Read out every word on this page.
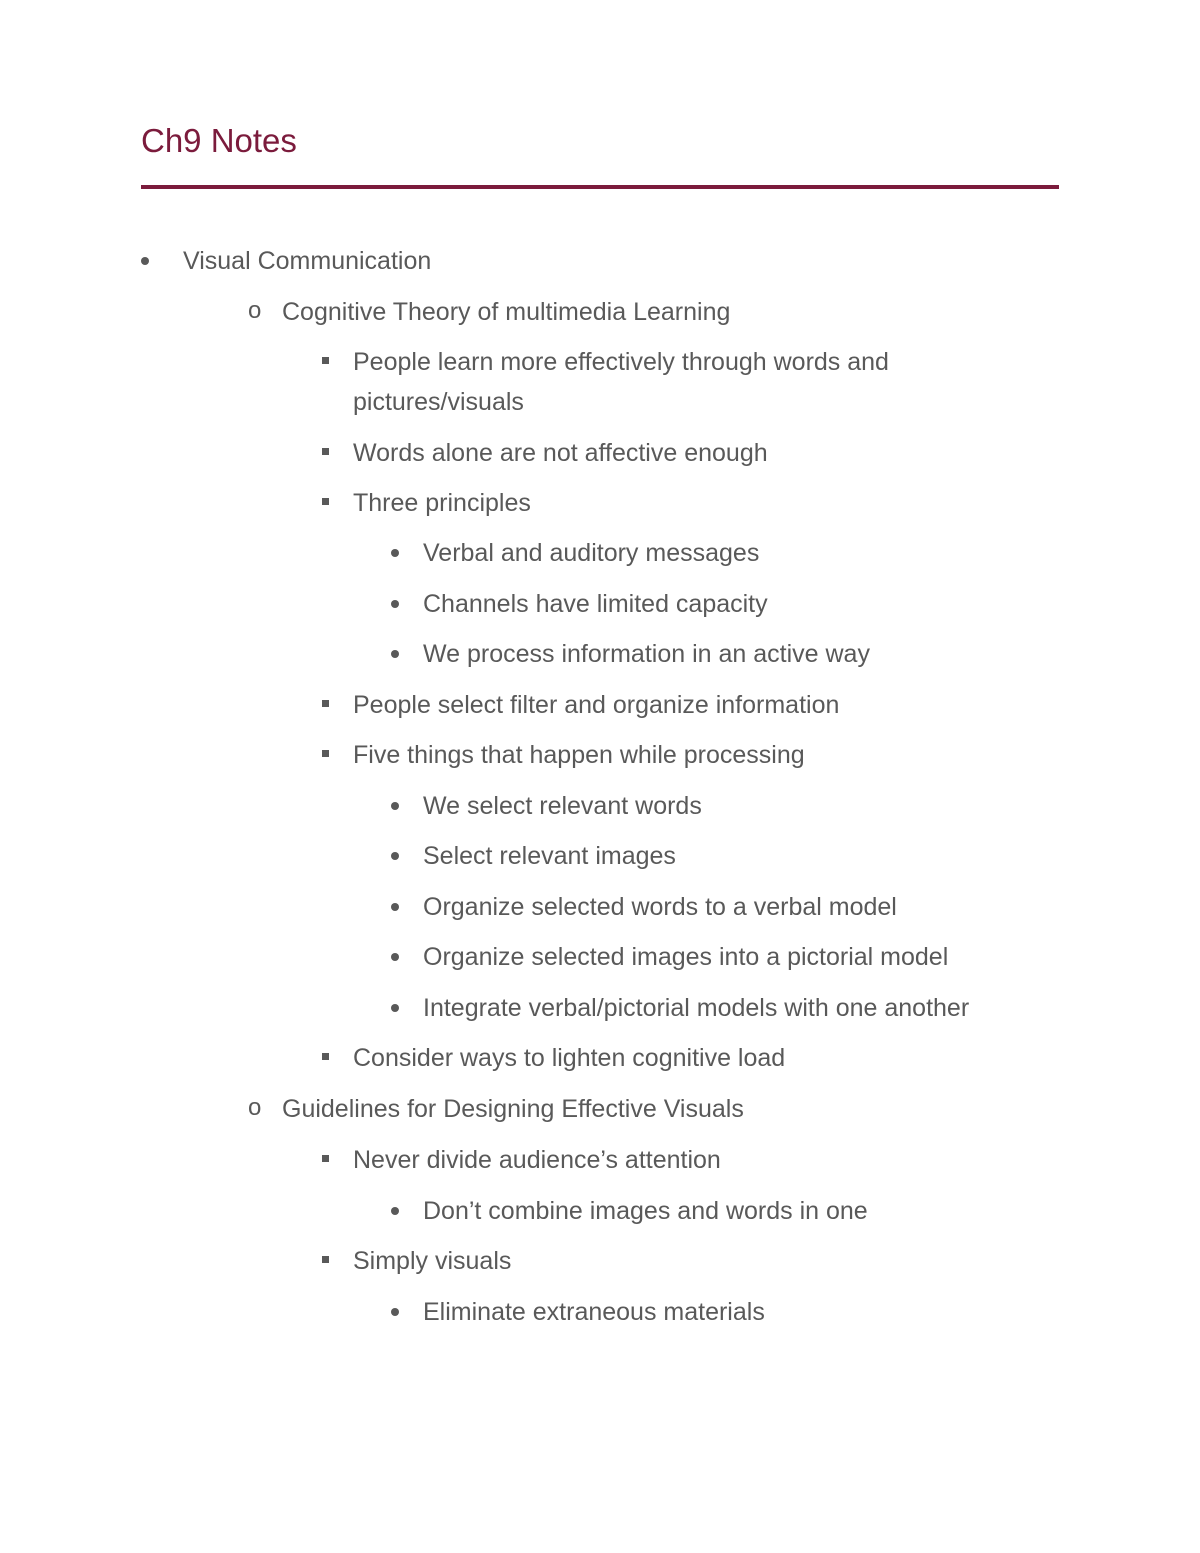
Ch9 Notes
Visual Communication
o Cognitive Theory of multimedia Learning
People learn more effectively through words and
pictures/visuals
Words alone are not affective enough
Three principles
Verbal and auditory messages
Channels have limited capacity
We process information in an active way
People select filter and organize information
Five things that happen while processing
We select relevant words
Select relevant images
Organize selected words to a verbal model
Organize selected images into a pictorial model
Integrate verbal/pictorial models with one another
Consider ways to lighten cognitive load
o Guidelines for Designing Effective Visuals
Never divide audience’s attention
Don’t combine images and words in one
Simply visuals
Eliminate extraneous materials
